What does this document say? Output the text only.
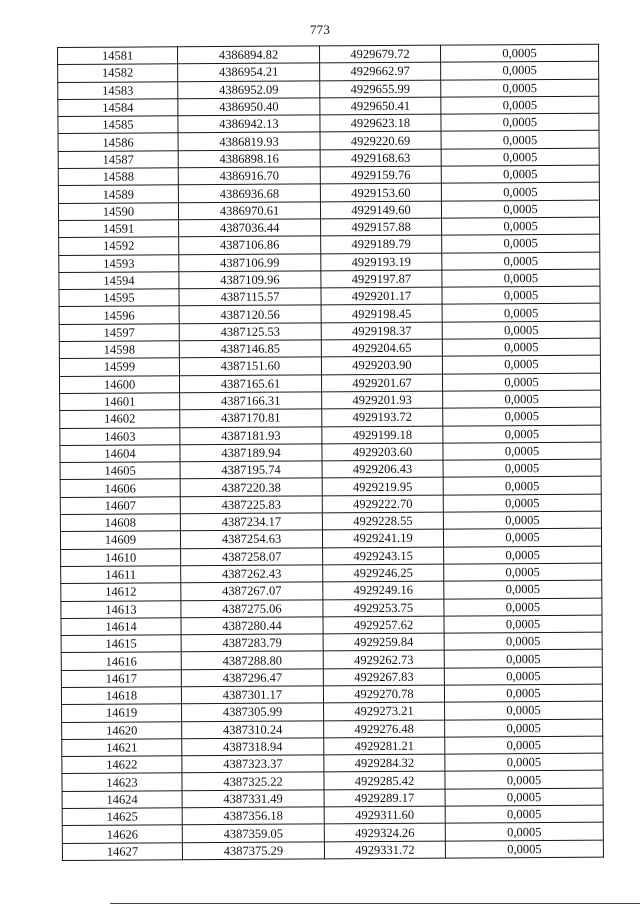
773
14581	4386894.82	4929679.72	0,0005
14582	4386954.21	4929662.97	0,0005
14583	4386952.09	4929655.99	0,0005
14584	4386950.40	4929650.41	0,0005
14585	4386942.13	4929623.18	0,0005
14586	4386819.93	4929220.69	0,0005
14587	4386898.16	4929168.63	0,0005
14588	4386916.70	4929159.76	0,0005
14589	4386936.68	4929153.60	0,0005
14590	4386970.61	4929149.60	0,0005
14591	4387036.44	4929157.88	0,0005
14592	4387106.86	4929189.79	0,0005
14593	4387106.99	4929193.19	0,0005
14594	4387109.96	4929197.87	0,0005
14595	4387115.57	4929201.17	0,0005
14596	4387120.56	4929198.45	0,0005
14597	4387125.53	4929198.37	0,0005
14598	4387146.85	4929204.65	0,0005
14599	4387151.60	4929203.90	0,0005
14600	4387165.61	4929201.67	0,0005
14601	4387166.31	4929201.93	0,0005
14602	4387170.81	4929193.72	0,0005
14603	4387181.93	4929199.18	0,0005
14604	4387189.94	4929203.60	0,0005
14605	4387195.74	4929206.43	0,0005
14606	4387220.38	4929219.95	0,0005
14607	4387225.83	4929222.70	0,0005
14608	4387234.17	4929228.55	0,0005
14609	4387254.63	4929241.19	0,0005
14610	4387258.07	4929243.15	0,0005
14611	4387262.43	4929246.25	0,0005
14612	4387267.07	4929249.16	0,0005
14613	4387275.06	4929253.75	0,0005
14614	4387280.44	4929257.62	0,0005
14615	4387283.79	4929259.84	0,0005
14616	4387288.80	4929262.73	0,0005
14617	4387296.47	4929267.83	0,0005
14618	4387301.17	4929270.78	0,0005
14619	4387305.99	4929273.21	0,0005
14620	4387310.24	4929276.48	0,0005
14621	4387318.94	4929281.21	0,0005
14622	4387323.37	4929284.32	0,0005
14623	4387325.22	4929285.42	0,0005
14624	4387331.49	4929289.17	0,0005
14625	4387356.18	4929311.60	0,0005
14626	4387359.05	4929324.26	0,0005
14627	4387375.29	4929331.72	0,0005
